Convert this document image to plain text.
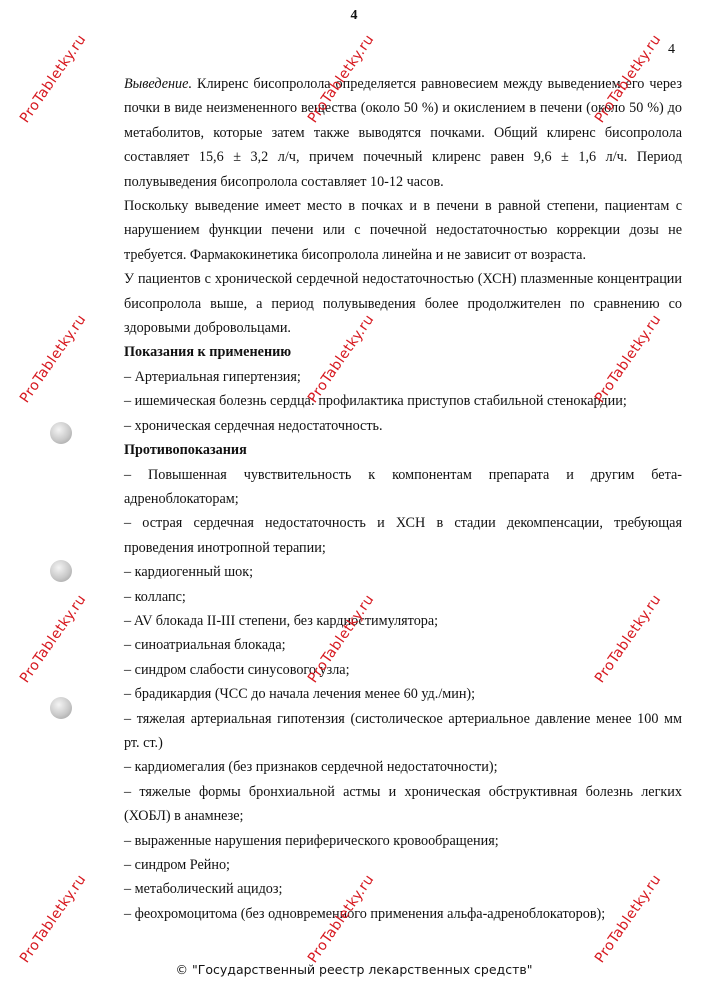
4
4

Выведение. Клиренс бисопролола определяется равновесием между выведением его через почки в виде неизмененного вещества (около 50 %) и окислением в печени (около 50 %) до метаболитов, которые затем также выводятся почками. Общий клиренс бисопролола составляет 15,6 ± 3,2 л/ч, причем почечный клиренс равен 9,6 ± 1,6 л/ч. Период полувыведения бисопролола составляет 10-12 часов.

Поскольку выведение имеет место в почках и в печени в равной степени, пациентам с нарушением функции печени или с почечной недостаточностью коррекции дозы не требуется. Фармакокинетика бисопролола линейна и не зависит от возраста.

У пациентов с хронической сердечной недостаточностью (ХСН) плазменные концентрации бисопролола выше, а период полувыведения более продолжителен по сравнению со здоровыми добровольцами.

Показания к применению

– Артериальная гипертензия;

– ишемическая болезнь сердца: профилактика приступов стабильной стенокардии;

– хроническая сердечная недостаточность.

Противопоказания

– Повышенная чувствительность к компонентам препарата и другим бета-адреноблокаторам;

– острая сердечная недостаточность и ХСН в стадии декомпенсации, требующая проведения инотропной терапии;

– кардиогенный шок;

– коллапс;

– AV блокада II-III степени, без кардиостимулятора;

– синоатриальная блокада;

– синдром слабости синусового узла;

– брадикардия (ЧСС до начала лечения менее 60 уд./мин);

– тяжелая артериальная гипотензия (систолическое артериальное давление менее 100 мм рт. ст.)

– кардиомегалия (без признаков сердечной недостаточности);

– тяжелые формы бронхиальной астмы и хроническая обструктивная болезнь легких (ХОБЛ) в анамнезе;

– выраженные нарушения периферического кровообращения;

– синдром Рейно;

– метаболический ацидоз;

– феохромоцитома (без одновременного применения альфа-адреноблокаторов);

ProTabletky.ru	ProTabletky.ru	ProTabletky.ru
ProTabletky.ru	ProTabletky.ru	ProTabletky.ru
ProTabletky.ru	ProTabletky.ru	ProTabletky.ru
ProTabletky.ru	ProTabletky.ru	ProTabletky.ru
© "Государственный реестр лекарственных средств"
